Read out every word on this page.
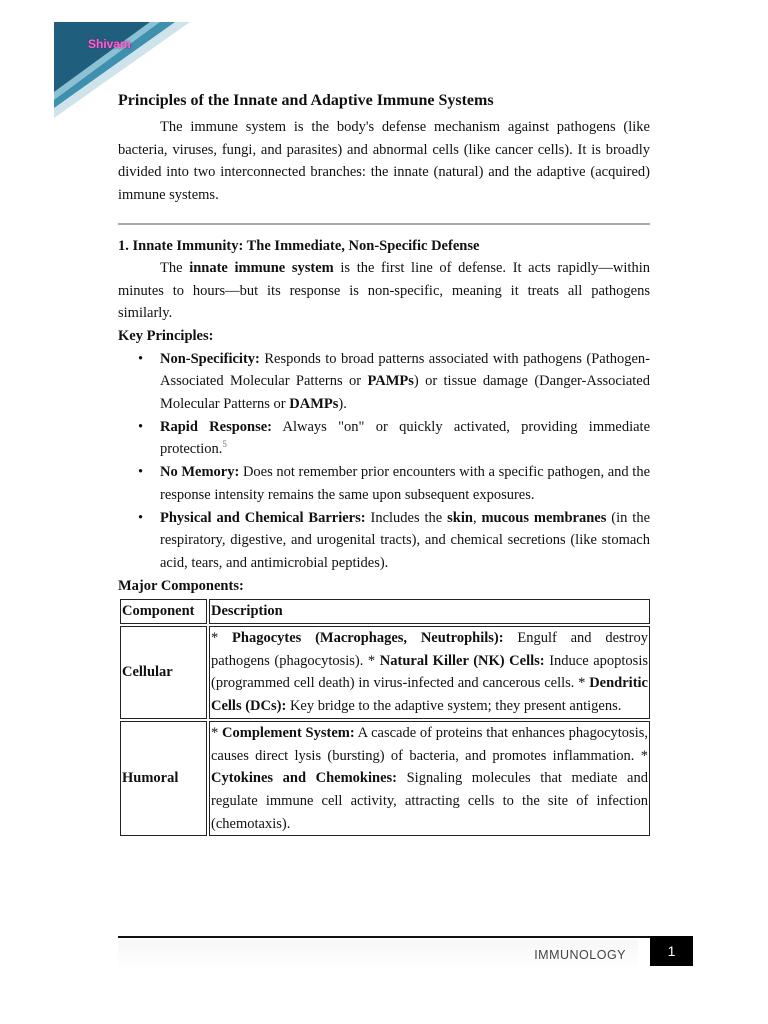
Shivam
Principles of the Innate and Adaptive Immune Systems

The immune system is the body's defense mechanism against pathogens (like bacteria, viruses, fungi, and parasites) and abnormal cells (like cancer cells). It is broadly divided into two interconnected branches: the innate (natural) and the adaptive (acquired) immune systems.

1. Innate Immunity: The Immediate, Non-Specific Defense

The innate immune system is the first line of defense. It acts rapidly—within minutes to hours—but its response is non-specific, meaning it treats all pathogens similarly.

Key Principles:
• Non-Specificity: Responds to broad patterns associated with pathogens (Pathogen-Associated Molecular Patterns or PAMPs) or tissue damage (Danger-Associated Molecular Patterns or DAMPs).
• Rapid Response: Always "on" or quickly activated, providing immediate protection.$^5$
• No Memory: Does not remember prior encounters with a specific pathogen, and the response intensity remains the same upon subsequent exposures.
• Physical and Chemical Barriers: Includes the skin, mucous membranes (in the respiratory, digestive, and urogenital tracts), and chemical secretions (like stomach acid, tears, and antimicrobial peptides).
Major Components:
Component	Description
Cellular	* Phagocytes (Macrophages, Neutrophils): Engulf and destroy pathogens (phagocytosis). * Natural Killer (NK) Cells: Induce apoptosis (programmed cell death) in virus-infected and cancerous cells. * Dendritic Cells (DCs): Key bridge to the adaptive system; they present antigens.
Humoral	* Complement System: A cascade of proteins that enhances phagocytosis, causes direct lysis (bursting) of bacteria, and promotes inflammation. * Cytokines and Chemokines: Signaling molecules that mediate and regulate immune cell activity, attracting cells to the site of infection (chemotaxis).
IMMUNOLOGY	1
